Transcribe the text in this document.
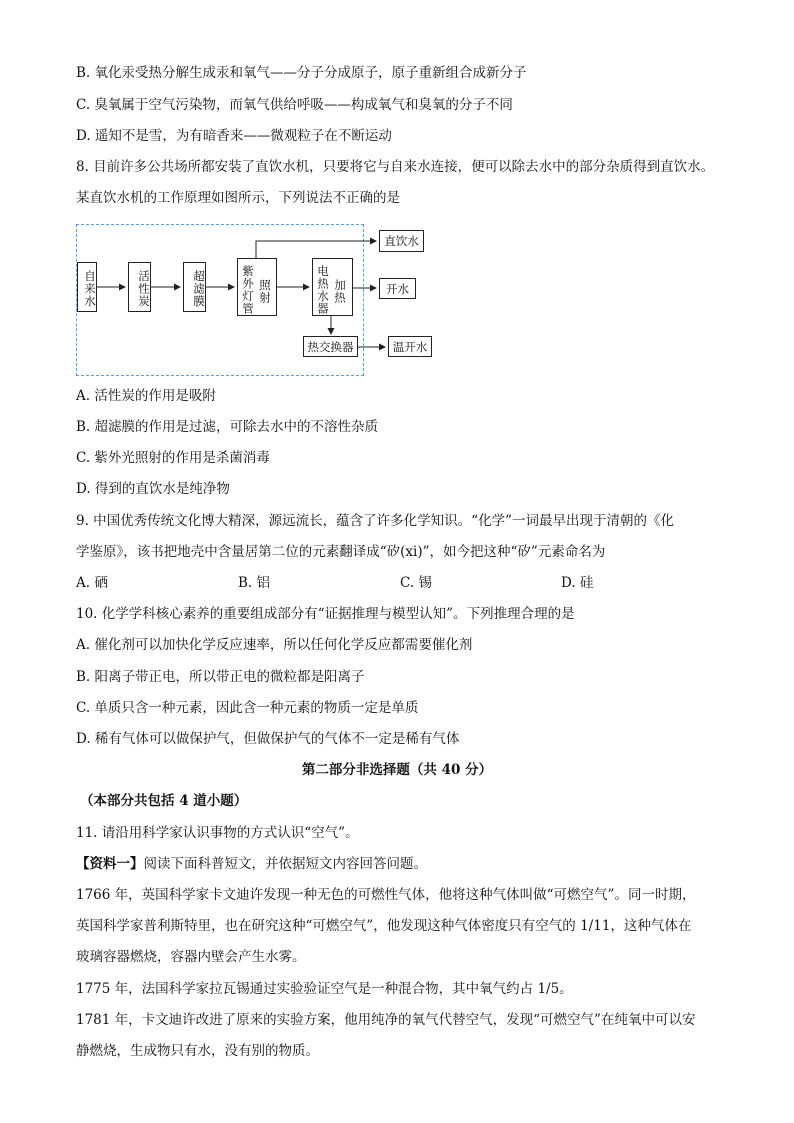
B. 氧化汞受热分解生成汞和氧气——分子分成原子，原子重新组合成新分子
C. 臭氧属于空气污染物，而氧气供给呼吸——构成氧气和臭氧的分子不同
D. 遥知不是雪，为有暗香来——微观粒子在不断运动
8. 目前许多公共场所都安装了直饮水机，只要将它与自来水连接，便可以除去水中的部分杂质得到直饮水。
某直饮水机的工作原理如图所示，下列说法不正确的是
自来水	活性炭	超滤膜	紫外灯管 照射	电热水器 加热
直饮水
开水
热交换器	温开水
A. 活性炭的作用是吸附
B. 超滤膜的作用是过滤，可除去水中的不溶性杂质
C. 紫外光照射的作用是杀菌消毒
D. 得到的直饮水是纯净物
9. 中国优秀传统文化博大精深，源远流长，蕴含了许多化学知识。“化学”一词最早出现于清朝的《化
学鉴原》，该书把地壳中含量居第二位的元素翻译成“矽(xi)”，如今把这种“矽”元素命名为
A. 硒	B. 铝	C. 锡	D. 硅
10. 化学学科核心素养的重要组成部分有“证据推理与模型认知”。下列推理合理的是
A. 催化剂可以加快化学反应速率，所以任何化学反应都需要催化剂
B. 阳离子带正电，所以带正电的微粒都是阳离子
C. 单质只含一种元素，因此含一种元素的物质一定是单质
D. 稀有气体可以做保护气，但做保护气的气体不一定是稀有气体
第二部分非选择题（共 40 分）
（本部分共包括 4 道小题）
11. 请沿用科学家认识事物的方式认识“空气”。
【资料一】阅读下面科普短文，并依据短文内容回答问题。
1766 年，英国科学家卡文迪许发现一种无色的可燃性气体，他将这种气体叫做“可燃空气”。同一时期，
英国科学家普利斯特里，也在研究这种“可燃空气”，他发现这种气体密度只有空气的 1/11，这种气体在
玻璃容器燃烧，容器内壁会产生水雾。
1775 年，法国科学家拉瓦锡通过实验验证空气是一种混合物，其中氧气约占 1/5。
1781 年，卡文迪许改进了原来的实验方案，他用纯净的氧气代替空气，发现“可燃空气”在纯氧中可以安
静燃烧，生成物只有水，没有别的物质。
